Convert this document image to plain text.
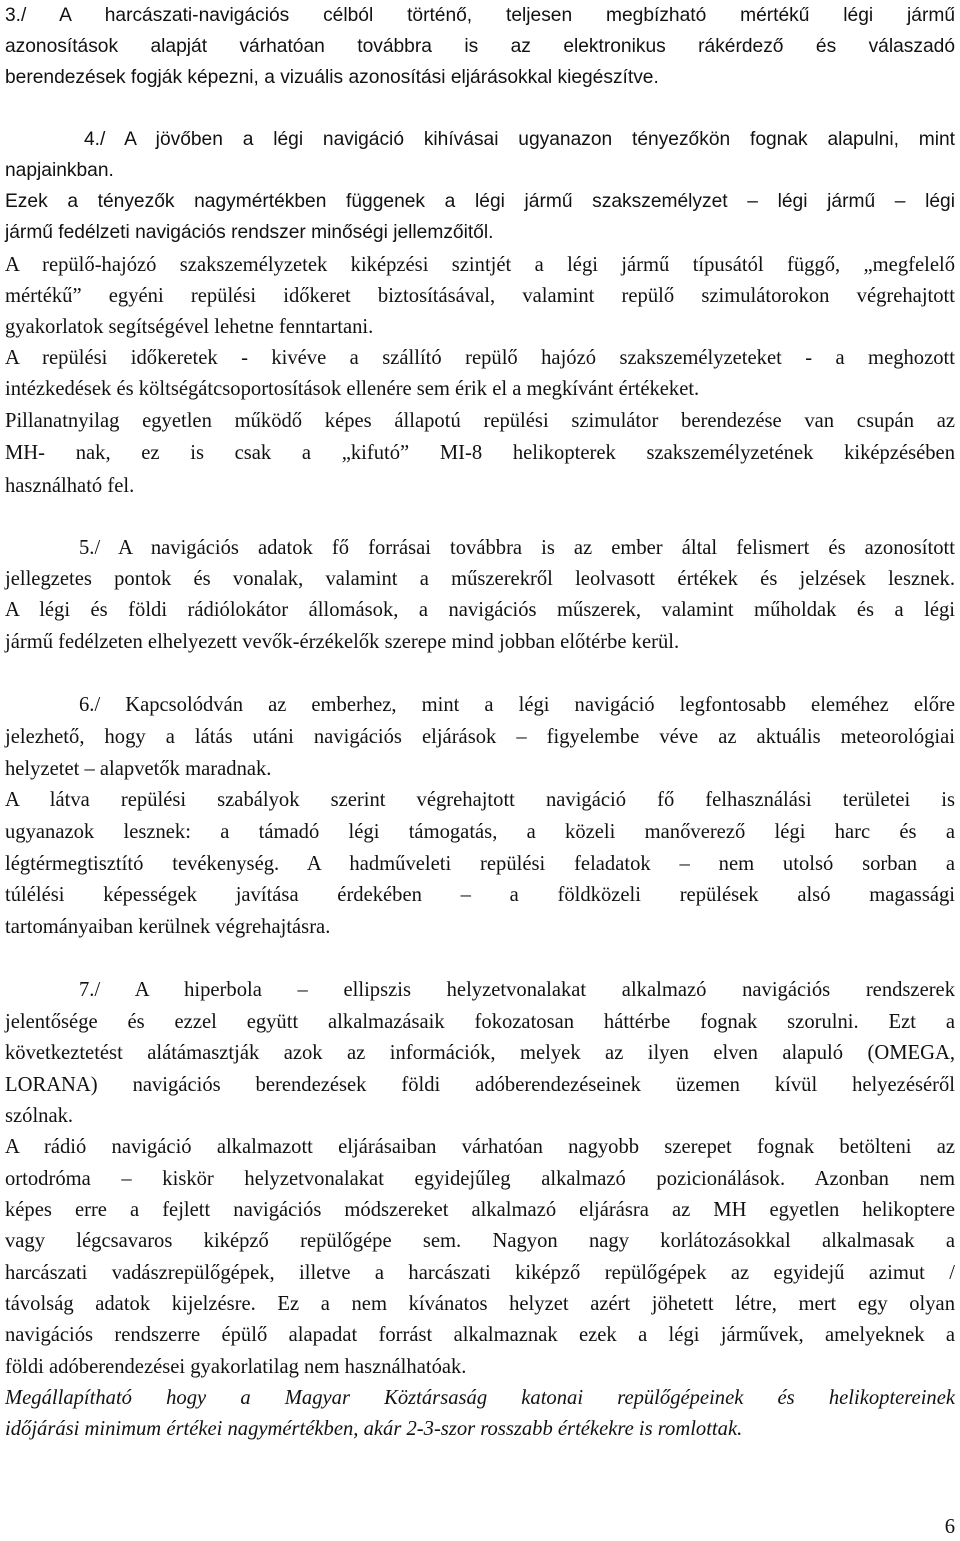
3./ A harcászati-navigációs célból történő, teljesen megbízható mértékű légi jármű
azonosítások alapját várhatóan továbbra is az elektronikus rákérdező és válaszadó
berendezések fogják képezni, a vizuális azonosítási eljárásokkal kiegészítve.
4./ A jövőben a légi navigáció kihívásai ugyanazon tényezőkön fognak alapulni, mint
napjainkban.
Ezek a tényezők nagymértékben függenek a légi jármű szakszemélyzet – légi jármű – légi
jármű fedélzeti navigációs rendszer minőségi jellemzőitől.
A repülő-hajózó szakszemélyzetek kiképzési szintjét a légi jármű típusától függő, „megfelelő
mértékű” egyéni repülési időkeret biztosításával, valamint repülő szimulátorokon végrehajtott
gyakorlatok segítségével lehetne fenntartani.
A repülési időkeretek - kivéve a szállító repülő hajózó szakszemélyzeteket - a meghozott
intézkedések és költségátcsoportosítások ellenére sem érik el a megkívánt értékeket.
Pillanatnyilag egyetlen működő képes állapotú repülési szimulátor berendezése van csupán az
MH- nak, ez is csak a „kifutó” MI-8 helikopterek szakszemélyzetének kiképzésében
használható fel.
5./ A navigációs adatok fő forrásai továbbra is az ember által felismert és azonosított
jellegzetes pontok és vonalak, valamint a műszerekről leolvasott értékek és jelzések lesznek.
A légi és földi rádiólokátor állomások, a navigációs műszerek, valamint műholdak és a légi
jármű fedélzeten elhelyezett vevők-érzékelők szerepe mind jobban előtérbe kerül.
6./ Kapcsolódván az emberhez, mint a légi navigáció legfontosabb eleméhez előre
jelezhető, hogy a látás utáni navigációs eljárások – figyelembe véve az aktuális meteorológiai
helyzetet – alapvetők maradnak.
A látva repülési szabályok szerint végrehajtott navigáció fő felhasználási területei is
ugyanazok lesznek: a támadó légi támogatás, a közeli manőverező légi harc és a
légtérmegtisztító tevékenység. A hadműveleti repülési feladatok – nem utolsó sorban a
túlélési képességek javítása érdekében – a földközeli repülések alsó magassági
tartományaiban kerülnek végrehajtásra.
7./ A hiperbola – ellipszis helyzetvonalakat alkalmazó navigációs rendszerek
jelentősége és ezzel együtt alkalmazásaik fokozatosan háttérbe fognak szorulni. Ezt a
következtetést alátámasztják azok az információk, melyek az ilyen elven alapuló (OMEGA,
LORANA) navigációs berendezések földi adóberendezéseinek üzemen kívül helyezéséről
szólnak.
A rádió navigáció alkalmazott eljárásaiban várhatóan nagyobb szerepet fognak betölteni az
ortodróma – kiskör helyzetvonalakat egyidejűleg alkalmazó pozicionálások. Azonban nem
képes erre a fejlett navigációs módszereket alkalmazó eljárásra az MH egyetlen helikoptere
vagy légcsavaros kiképző repülőgépe sem. Nagyon nagy korlátozásokkal alkalmasak a
harcászati vadászrepülőgépek, illetve a harcászati kiképző repülőgépek az egyidejű azimut /
távolság adatok kijelzésre. Ez a nem kívánatos helyzet azért jöhetett létre, mert egy olyan
navigációs rendszerre épülő alapadat forrást alkalmaznak ezek a légi járművek, amelyeknek a
földi adóberendezései gyakorlatilag nem használhatóak.
Megállapítható hogy a Magyar Köztársaság katonai repülőgépeinek és helikoptereinek
időjárási minimum értékei nagymértékben, akár 2-3-szor rosszabb értékekre is romlottak.
6
